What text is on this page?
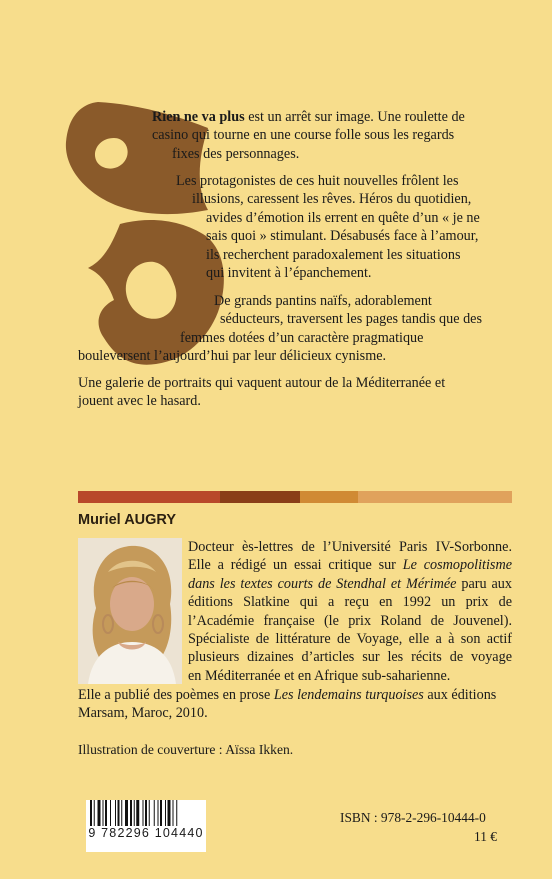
Rien ne va plus est un arrêt sur image. Une roulette de
casino qui tourne en une course folle sous les regards
fixes des personnages.
Les protagonistes de ces huit nouvelles frôlent les
illusions, caressent les rêves. Héros du quotidien,
avides d’émotion ils errent en quête d’un « je ne
sais quoi » stimulant. Désabusés face à l’amour,
ils recherchent paradoxalement les situations
qui invitent à l’épanchement.
De grands pantins naïfs, adorablement
séducteurs, traversent les pages tandis que des
femmes dotées d’un caractère pragmatique
bouleversent l’aujourd’hui par leur délicieux cynisme.
Une galerie de portraits qui vaquent autour de la Méditerranée et
jouent avec le hasard.
Muriel AUGRY
Docteur ès-lettres de l’Université Paris IV-Sorbonne.
Elle a rédigé un essai critique sur Le cosmopolitisme
dans les textes courts de Stendhal et Mérimée paru aux
éditions Slatkine qui a reçu en 1992 un prix de
l’Académie française (le prix Roland de Jouvenel).
Spécialiste de littérature de Voyage, elle a à son actif
plusieurs dizaines d’articles sur les récits de voyage
en Méditerranée et en Afrique sub-saharienne.
Elle a publié des poèmes en prose Les lendemains turquoises aux éditions
Marsam, Maroc, 2010.
Illustration de couverture : Aïssa Ikken.
9 782296 104440
ISBN : 978-2-296-10444-0
11 €
